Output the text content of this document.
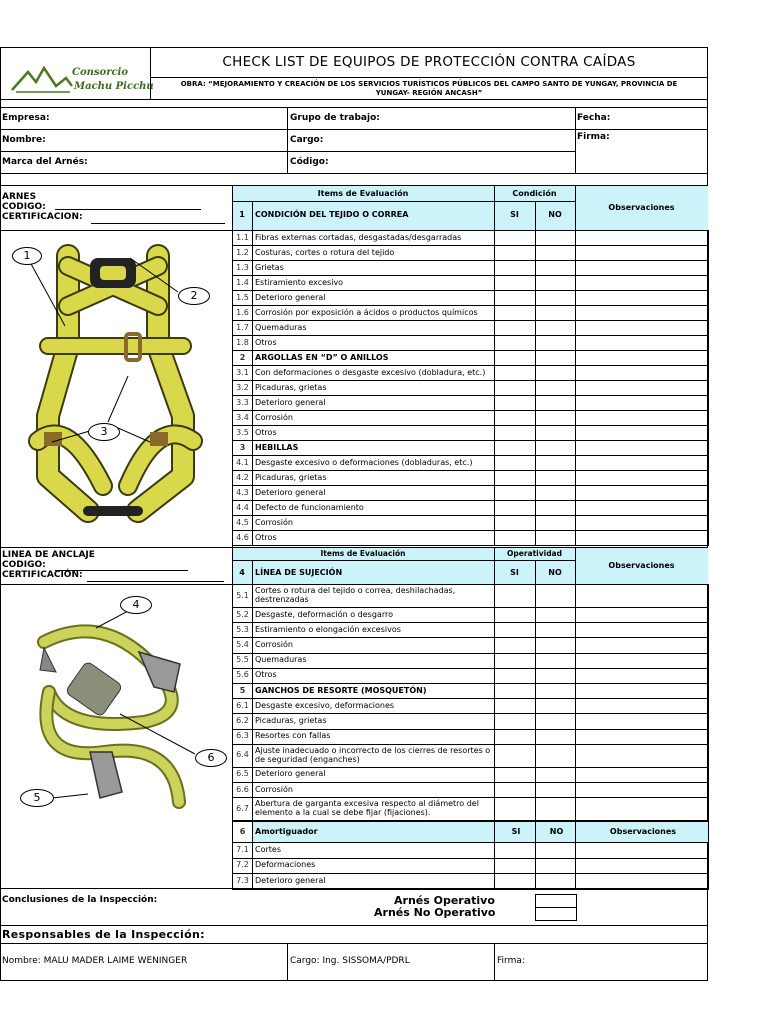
Consorcio
Machu Picchu
CHECK LIST DE EQUIPOS DE PROTECCIÓN CONTRA CAÍDAS
OBRA: “MEJORAMIENTO Y CREACIÓN DE LOS SERVICIOS TURÍSTICOS PÚBLICOS DEL CAMPO SANTO DE YUNGAY, PROVINCIA DE
YUNGAY- REGIÓN ANCASH”
Empresa:	Grupo de trabajo:	Fecha:
Nombre:	Cargo:	Firma:
Marca del Arnés:	Código:
ARNES
CODIGO:
CERTIFICACION:
Items de Evaluación	Condición
Observaciones
1	CONDICIÓN DEL TEJIDO O CORREA	SI	NO
1.1	Fibras externas cortadas, desgastadas/desgarradas			
1.2	Costuras, cortes o rotura del tejido			
1.3	Grietas			
1.4	Estiramiento excesivo			
1.5	Deterioro general			
1.6	Corrosión por exposición a ácidos o productos químicos			
1.7	Quemaduras			
1.8	Otros			
2	ARGOLLAS EN “D” O ANILLOS			
3.1	Con deformaciones o desgaste excesivo (dobladura, etc.)			
3.2	Picaduras, grietas			
3.3	Deterioro general			
3.4	Corrosión			
3.5	Otros			
3	HEBILLAS			
4.1	Desgaste excesivo o deformaciones (dobladuras, etc.)			
4.2	Picaduras, grietas			
4.3	Deterioro general			
4.4	Defecto de funcionamiento			
4.5	Corrosión			
4.6	Otros			
1
2
3
LINEA DE ANCLAJE
CODIGO:
CERTIFICACIÓN:
Items de Evaluación	Operatividad
Observaciones
4	LÍNEA DE SUJECIÓN	SI	NO
5.1	Cortes o rotura del tejido o correa, deshilachadas, destrenzadas			
5.2	Desgaste, deformación o desgarro			
5.3	Estiramiento o elongación excesivos			
5.4	Corrosión			
5.5	Quemaduras			
5.6	Otros			
5	GANCHOS DE RESORTE (MOSQUETÓN)			
6.1	Desgaste excesivo, deformaciones			
6.2	Picaduras, grietas			
6.3	Resortes con fallas			
6.4	Ajuste inadecuado o incorrecto de los cierres de resortes o de seguridad (enganches)			
6.5	Deterioro general			
6.6	Corrosión			
6.7	Abertura de garganta excesiva respecto al diámetro del elemento a la cual se debe fijar (fijaciones).			
6	Amortiguador	SI	NO	Observaciones
7.1	Cortes			
7.2	Deformaciones			
7.3	Deterioro general			
4
6
5
Conclusiones de la Inspección:	Arnés Operativo
Arnés No Operativo
Responsables de la Inspección:
Nombre: MALU MADER LAIME WENINGER	Cargo: Ing. SISSOMA/PDRL	Firma:
